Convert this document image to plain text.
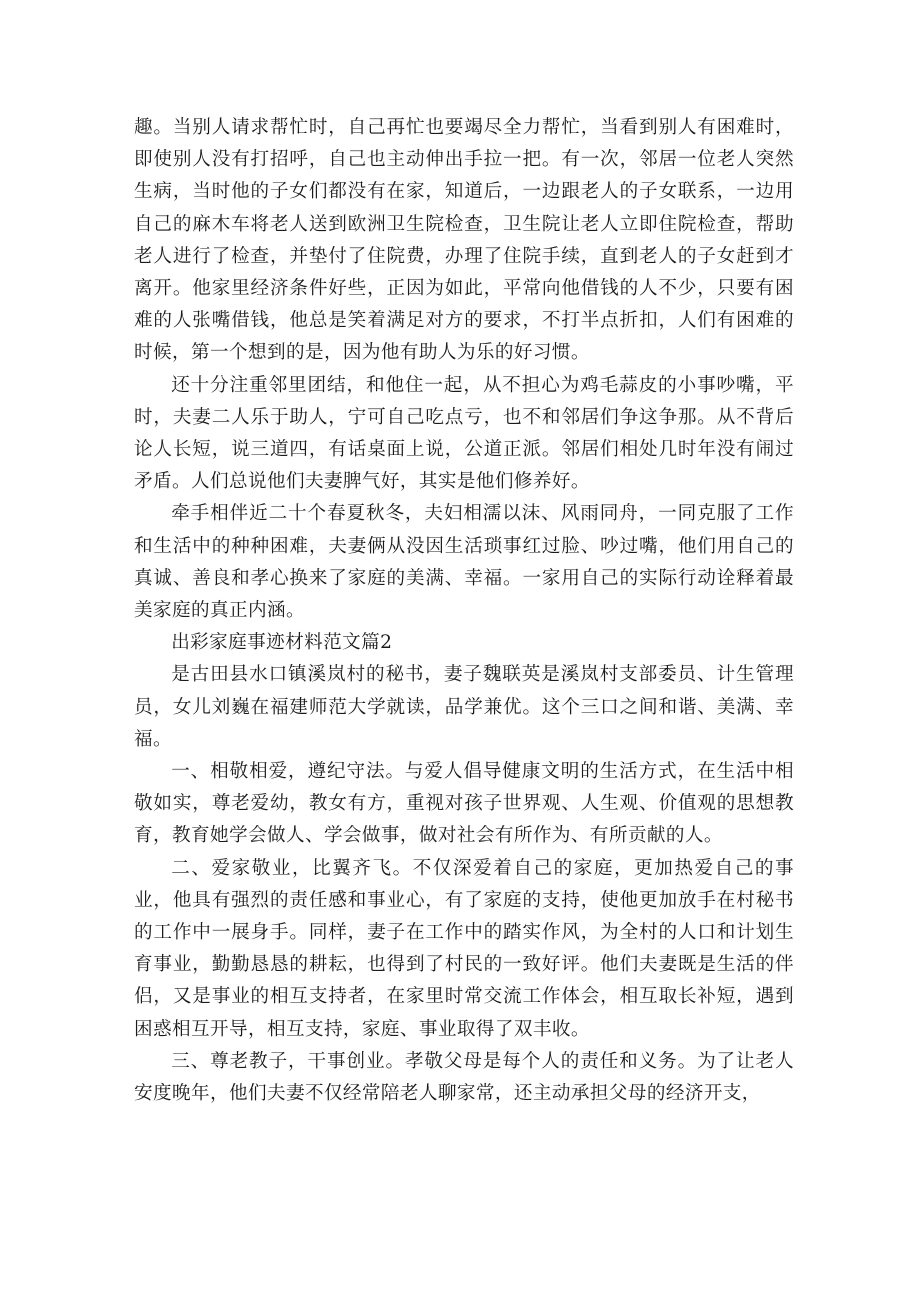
趣。当别人请求帮忙时，自己再忙也要竭尽全力帮忙，当看到别人有困难时，即使别人没有打招呼，自己也主动伸出手拉一把。有一次，邻居一位老人突然生病，当时他的子女们都没有在家，知道后，一边跟老人的子女联系，一边用自己的麻木车将老人送到欧洲卫生院检查，卫生院让老人立即住院检查，帮助老人进行了检查，并垫付了住院费，办理了住院手续，直到老人的子女赶到才离开。他家里经济条件好些，正因为如此，平常向他借钱的人不少，只要有困难的人张嘴借钱，他总是笑着满足对方的要求，不打半点折扣，人们有困难的时候，第一个想到的是，因为他有助人为乐的好习惯。

还十分注重邻里团结，和他住一起，从不担心为鸡毛蒜皮的小事吵嘴，平时，夫妻二人乐于助人，宁可自己吃点亏，也不和邻居们争这争那。从不背后论人长短，说三道四，有话桌面上说，公道正派。邻居们相处几时年没有闹过矛盾。人们总说他们夫妻脾气好，其实是他们修养好。

牵手相伴近二十个春夏秋冬，夫妇相濡以沫、风雨同舟，一同克服了工作和生活中的种种困难，夫妻俩从没因生活琐事红过脸、吵过嘴，他们用自己的真诚、善良和孝心换来了家庭的美满、幸福。一家用自己的实际行动诠释着最美家庭的真正内涵。

出彩家庭事迹材料范文篇2

是古田县水口镇溪岚村的秘书，妻子魏联英是溪岚村支部委员、计生管理员，女儿刘巍在福建师范大学就读，品学兼优。这个三口之间和谐、美满、幸福。

一、相敬相爱，遵纪守法。与爱人倡导健康文明的生活方式，在生活中相敬如实，尊老爱幼，教女有方，重视对孩子世界观、人生观、价值观的思想教育，教育她学会做人、学会做事，做对社会有所作为、有所贡献的人。

二、爱家敬业，比翼齐飞。不仅深爱着自己的家庭，更加热爱自己的事业，他具有强烈的责任感和事业心，有了家庭的支持，使他更加放手在村秘书的工作中一展身手。同样，妻子在工作中的踏实作风，为全村的人口和计划生育事业，勤勤恳恳的耕耘，也得到了村民的一致好评。他们夫妻既是生活的伴侣，又是事业的相互支持者，在家里时常交流工作体会，相互取长补短，遇到困惑相互开导，相互支持，家庭、事业取得了双丰收。

三、尊老教子，干事创业。孝敬父母是每个人的责任和义务。为了让老人安度晚年，他们夫妻不仅经常陪老人聊家常，还主动承担父母的经济开支，
